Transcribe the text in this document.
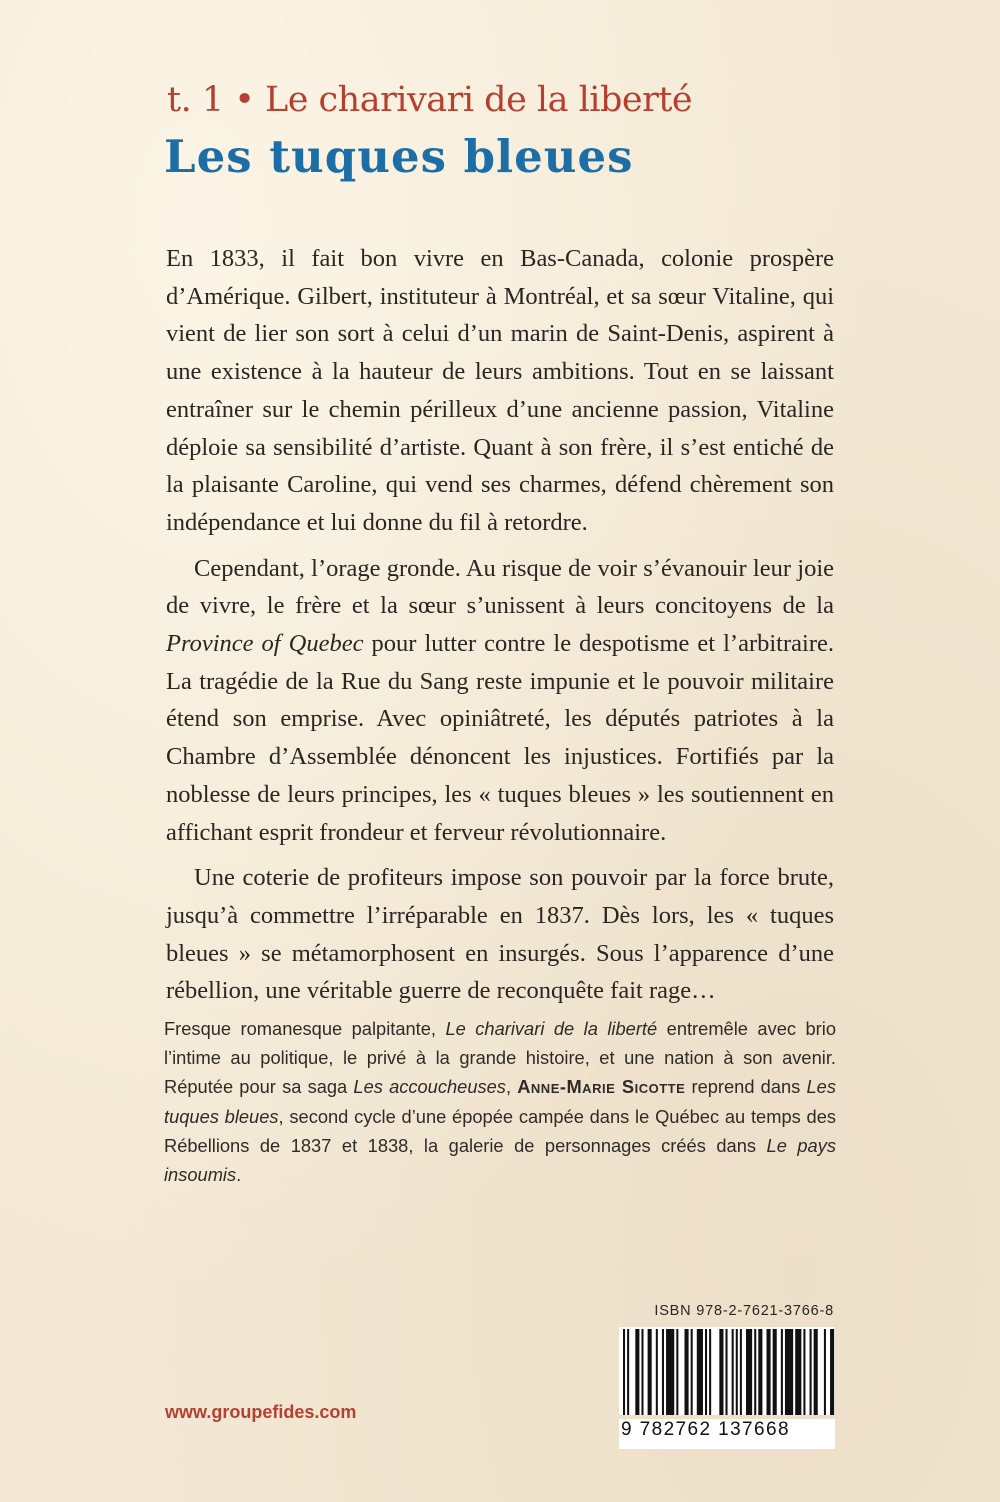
t. 1 • Le charivari de la liberté
Les tuques bleues

En 1833, il fait bon vivre en Bas-Canada, colonie prospère d’Amérique. Gilbert, instituteur à Montréal, et sa sœur Vitaline, qui vient de lier son sort à celui d’un marin de Saint-Denis, aspirent à une existence à la hauteur de leurs ambitions. Tout en se laissant entraîner sur le chemin périlleux d’une ancienne passion, Vitaline déploie sa sensibilité d’artiste. Quant à son frère, il s’est entiché de la plaisante Caroline, qui vend ses charmes, défend chèrement son indépendance et lui donne du fil à retordre.

Cependant, l’orage gronde. Au risque de voir s’évanouir leur joie de vivre, le frère et la sœur s’unissent à leurs concitoyens de la Province of Quebec pour lutter contre le despotisme et l’arbitraire. La tragédie de la Rue du Sang reste impunie et le pouvoir militaire étend son emprise. Avec opiniâtreté, les députés patriotes à la Chambre d’Assemblée dénoncent les injustices. Fortifiés par la noblesse de leurs principes, les « tuques bleues » les soutiennent en affichant esprit frondeur et ferveur révolutionnaire.

Une coterie de profiteurs impose son pouvoir par la force brute, jusqu’à commettre l’irréparable en 1837. Dès lors, les « tuques bleues » se métamorphosent en insurgés. Sous l’apparence d’une rébellion, une véritable guerre de reconquête fait rage…

Fresque romanesque palpitante, Le charivari de la liberté entremêle avec brio l’intime au politique, le privé à la grande histoire, et une nation à son avenir. Réputée pour sa saga Les accoucheuses, Anne-Marie Sicotte reprend dans Les tuques bleues, second cycle d’une épopée campée dans le Québec au temps des Rébellions de 1837 et 1838, la galerie de personnages créés dans Le pays insoumis.

ISBN 978-2-7621-3766-8
9 782762 137668
www.groupefides.com
